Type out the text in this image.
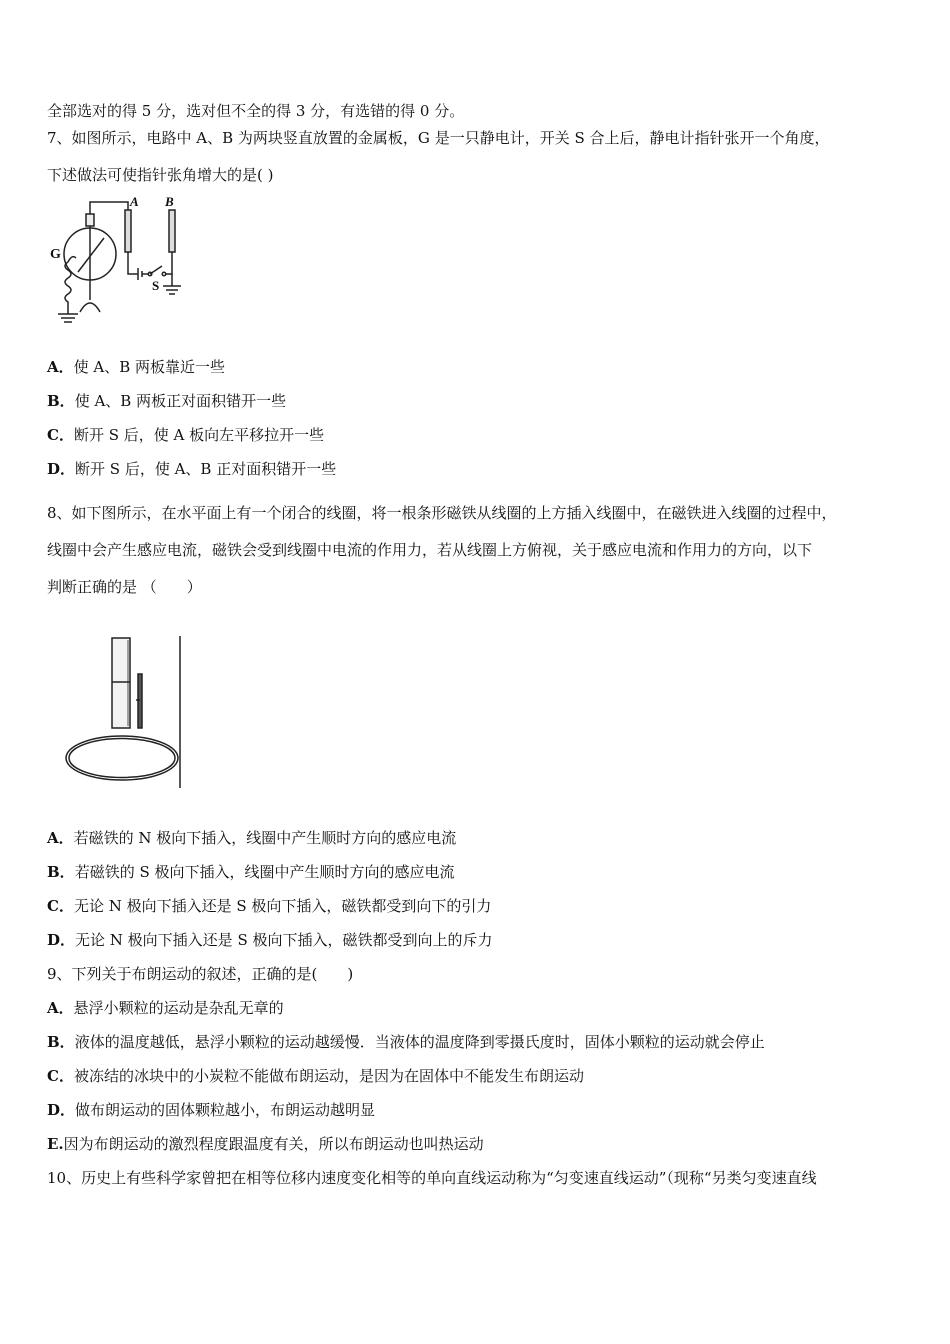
全部选对的得 5 分，选对但不全的得 3 分，有选错的得 0 分。
7、如图所示，电路中 A、B 为两块竖直放置的金属板，G 是一只静电计，开关 S 合上后，静电计指针张开一个角度，
下述做法可使指针张角增大的是( )
A B
G
S
A．使 A、B 两板靠近一些
B．使 A、B 两板正对面积错开一些
C．断开 S 后，使 A 板向左平移拉开一些
D．断开 S 后，使 A、B 正对面积错开一些
8、如下图所示，在水平面上有一个闭合的线圈，将一根条形磁铁从线圈的上方插入线圈中，在磁铁进入线圈的过程中，
线圈中会产生感应电流，磁铁会受到线圈中电流的作用力，若从线圈上方俯视，关于感应电流和作用力的方向，以下
判断正确的是 （　　）
A．若磁铁的 N 极向下插入，线圈中产生顺时方向的感应电流
B．若磁铁的 S 极向下插入，线圈中产生顺时方向的感应电流
C．无论 N 极向下插入还是 S 极向下插入，磁铁都受到向下的引力
D．无论 N 极向下插入还是 S 极向下插入，磁铁都受到向上的斥力
9、下列关于布朗运动的叙述，正确的是(　　)
A．悬浮小颗粒的运动是杂乱无章的
B．液体的温度越低，悬浮小颗粒的运动越缓慢．当液体的温度降到零摄氏度时，固体小颗粒的运动就会停止
C．被冻结的冰块中的小炭粒不能做布朗运动，是因为在固体中不能发生布朗运动
D．做布朗运动的固体颗粒越小，布朗运动越明显
E.因为布朗运动的激烈程度跟温度有关，所以布朗运动也叫热运动
10、历史上有些科学家曾把在相等位移内速度变化相等的单向直线运动称为“匀变速直线运动”（现称“另类匀变速直线
